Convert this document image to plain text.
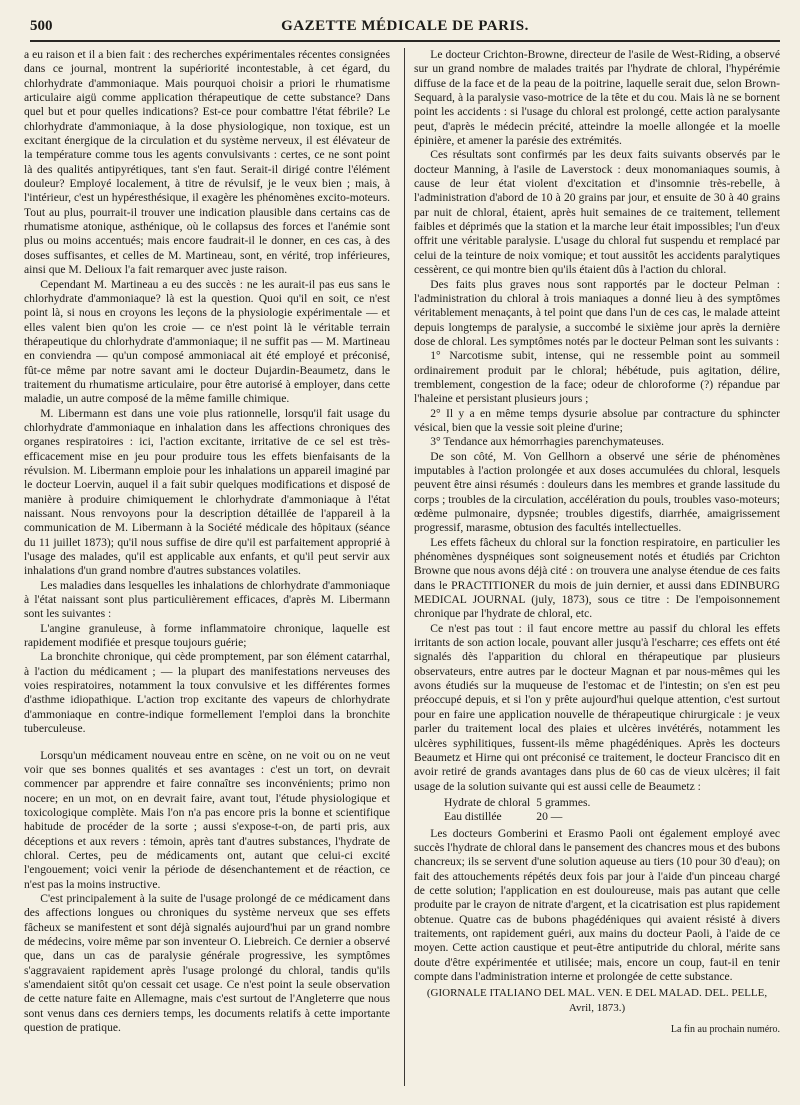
500	GAZETTE MÉDICALE DE PARIS.

a eu raison et il a bien fait : des recherches expérimentales récentes consignées dans ce journal, montrent la supériorité incontestable, à cet égard, du chlorhydrate d'ammoniaque. Mais pourquoi choisir a priori le rhumatisme articulaire aigü comme application thérapeutique de cette substance? Dans quel but et pour quelles indications? Est-ce pour combattre l'état fébrile? Le chlorhydrate d'ammoniaque, à la dose physiologique, non toxique, est un excitant énergique de la circulation et du système nerveux, il est élévateur de la température comme tous les agents convulsivants : certes, ce ne sont point là des qualités antipyrétiques, tant s'en faut. Serait-il dirigé contre l'élément douleur? Employé localement, à titre de révulsif, je le veux bien ; mais, à l'intérieur, c'est un hypéresthésique, il exagère les phénomènes excito-moteurs. Tout au plus, pourrait-il trouver une indication plausible dans certains cas de rhumatisme atonique, asthénique, où le collapsus des forces et l'anémie sont plus ou moins accentués; mais encore faudrait-il le donner, en ces cas, à des doses suffisantes, et celles de M. Martineau, sont, en vérité, trop inférieures, ainsi que M. Delioux l'a fait remarquer avec juste raison.

Cependant M. Martineau a eu des succès : ne les aurait-il pas eus sans le chlorhydrate d'ammoniaque? là est la question. Quoi qu'il en soit, ce n'est point là, si nous en croyons les leçons de la physiologie expérimentale — et elles valent bien qu'on les croie — ce n'est point là le véritable terrain thérapeutique du chlorhydrate d'ammoniaque; il ne suffit pas — M. Martineau en conviendra — qu'un composé ammoniacal ait été employé et préconisé, fût-ce même par notre savant ami le docteur Dujardin-Beaumetz, dans le traitement du rhumatisme articulaire, pour être autorisé à employer, dans cette maladie, un autre composé de la même famille chimique.

M. Libermann est dans une voie plus rationnelle, lorsqu'il fait usage du chlorhydrate d'ammoniaque en inhalation dans les affections chroniques des organes respiratoires : ici, l'action excitante, irritative de ce sel est très-efficacement mise en jeu pour produire tous les effets bienfaisants de la révulsion. M. Libermann emploie pour les inhalations un appareil imaginé par le docteur Loervin, auquel il a fait subir quelques modifications et disposé de manière à produire chimiquement le chlorhydrate d'ammoniaque à l'état naissant. Nous renvoyons pour la description détaillée de l'appareil à la communication de M. Libermann à la Société médicale des hôpitaux (séance du 11 juillet 1873); qu'il nous suffise de dire qu'il est parfaitement approprié à l'usage des malades, qu'il est applicable aux enfants, et qu'il peut servir aux inhalations d'un grand nombre d'autres substances volatiles.

Les maladies dans lesquelles les inhalations de chlorhydrate d'ammoniaque à l'état naissant sont plus particulièrement efficaces, d'après M. Libermann sont les suivantes :

L'angine granuleuse, à forme inflammatoire chronique, laquelle est rapidement modifiée et presque toujours guérie;

La bronchite chronique, qui cède promptement, par son élément catarrhal, à l'action du médicament ; — la plupart des manifestations nerveuses des voies respiratoires, notamment la toux convulsive et les différentes formes d'asthme idiopathique. L'action trop excitante des vapeurs de chlorhydrate d'ammoniaque en contre-indique formellement l'emploi dans la bronchite tuberculeuse.

Lorsqu'un médicament nouveau entre en scène, on ne voit ou on ne veut voir que ses bonnes qualités et ses avantages : c'est un tort, on devrait commencer par apprendre et faire connaître ses inconvénients; primo non nocere; en un mot, on en devrait faire, avant tout, l'étude physiologique et toxicologique complète. Mais l'on n'a pas encore pris la bonne et scientifique habitude de procéder de la sorte ; aussi s'expose-t-on, de parti pris, aux déceptions et aux revers : témoin, après tant d'autres substances, l'hydrate de chloral. Certes, peu de médicaments ont, autant que celui-ci excité l'engouement; voici venir la période de désenchantement et de réaction, ce n'est pas la moins instructive.

C'est principalement à la suite de l'usage prolongé de ce médicament dans des affections longues ou chroniques du système nerveux que ses effets fâcheux se manifestent et sont déjà signalés aujourd'hui par un grand nombre de médecins, voire même par son inventeur O. Liebreich. Ce dernier a observé que, dans un cas de paralysie générale progressive, les symptômes s'aggravaient rapidement après l'usage prolongé du chloral, tandis qu'ils s'amendaient sitôt qu'on cessait cet usage. Ce n'est point la seule observation de cette nature faite en Allemagne, mais c'est surtout de l'Angleterre que nous sont venus dans ces derniers temps, les documents relatifs à cette importante question de pratique.

Le docteur Crichton-Browne, directeur de l'asile de West-Riding, a observé sur un grand nombre de malades traités par l'hydrate de chloral, l'hypérémie diffuse de la face et de la peau de la poitrine, laquelle serait due, selon Brown-Sequard, à la paralysie vaso-motrice de la tête et du cou. Mais là ne se bornent point les accidents : si l'usage du chloral est prolongé, cette action paralysante peut, d'après le médecin précité, atteindre la moelle allongée et la moelle épinière, et amener la parésie des extrémités.

Ces résultats sont confirmés par les deux faits suivants observés par le docteur Manning, à l'asile de Laverstock : deux monomaniaques soumis, à cause de leur état violent d'excitation et d'insomnie très-rebelle, à l'administration d'abord de 10 à 20 grains par jour, et ensuite de 30 à 40 grains par nuit de chloral, étaient, après huit semaines de ce traitement, tellement faibles et déprimés que la station et la marche leur était impossibles; l'un d'eux offrit une véritable paralysie. L'usage du chloral fut suspendu et remplacé par celui de la teinture de noix vomique; et tout aussitôt les accidents paralytiques cessèrent, ce qui montre bien qu'ils étaient dûs à l'action du chloral.

Des faits plus graves nous sont rapportés par le docteur Pelman : l'administration du chloral à trois maniaques a donné lieu à des symptômes véritablement menaçants, à tel point que dans l'un de ces cas, le malade atteint depuis longtemps de paralysie, a succombé le sixième jour après la dernière dose de chloral. Les symptômes notés par le docteur Pelman sont les suivants :

1° Narcotisme subit, intense, qui ne ressemble point au sommeil ordinairement produit par le chloral; hébétude, puis agitation, délire, tremblement, congestion de la face; odeur de chloroforme (?) répandue par l'haleine et persistant plusieurs jours ;

2° Il y a en même temps dysurie absolue par contracture du sphincter vésical, bien que la vessie soit pleine d'urine;

3° Tendance aux hémorrhagies parenchymateuses.

De son côté, M. Von Gellhorn a observé une série de phénomènes imputables à l'action prolongée et aux doses accumulées du chloral, lesquels peuvent être ainsi résumés : douleurs dans les membres et grande lassitude du corps ; troubles de la circulation, accélération du pouls, troubles vaso-moteurs; œdème pulmonaire, dypsnée; troubles digestifs, diarrhée, amaigrissement progressif, marasme, obtusion des facultés intellectuelles.

Les effets fâcheux du chloral sur la fonction respiratoire, en particulier les phénomènes dyspnéiques sont soigneusement notés et étudiés par Crichton Browne que nous avons déjà cité : on trouvera une analyse étendue de ces faits dans le PRACTITIONER du mois de juin dernier, et aussi dans EDINBURG MEDICAL JOURNAL (july, 1873), sous ce titre : De l'empoisonnement chronique par l'hydrate de chloral, etc.

Ce n'est pas tout : il faut encore mettre au passif du chloral les effets irritants de son action locale, pouvant aller jusqu'à l'escharre; ces effets ont été signalés dès l'apparition du chloral en thérapeutique par plusieurs observateurs, entre autres par le docteur Magnan et par nous-mêmes qui les avons étudiés sur la muqueuse de l'estomac et de l'intestin; on s'en est peu préoccupé depuis, et si l'on y prête aujourd'hui quelque attention, c'est surtout pour en faire une application nouvelle de thérapeutique chirurgicale : je veux parler du traitement local des plaies et ulcères invétérés, notamment les ulcères syphilitiques, fussent-ils même phagédéniques. Après les docteurs Beaumetz et Hirne qui ont préconisé ce traitement, le docteur Francisco dit en avoir retiré de grands avantages dans plus de 60 cas de vieux ulcères; il fait usage de la solution suivante qui est aussi celle de Beaumetz :

Hydrate de chloral	5 grammes.
Eau distillée	20 —

Les docteurs Gomberini et Erasmo Paoli ont également employé avec succès l'hydrate de chloral dans le pansement des chancres mous et des bubons chancreux; ils se servent d'une solution aqueuse au tiers (10 pour 30 d'eau); on fait des attouchements répétés deux fois par jour à l'aide d'un pinceau chargé de cette solution; l'application en est douloureuse, mais pas autant que celle produite par le crayon de nitrate d'argent, et la cicatrisation est plus rapidement obtenue. Quatre cas de bubons phagédéniques qui avaient résisté à divers traitements, ont rapidement guéri, aux mains du docteur Paoli, à l'aide de ce moyen. Cette action caustique et peut-être antiputride du chloral, mérite sans doute d'être expérimentée et utilisée; mais, encore un coup, faut-il en tenir compte dans l'administration interne et prolongée de cette substance.

(GIORNALE ITALIANO DEL MAL. VEN. E DEL MALAD. DEL. PELLE,
Avril, 1873.)
La fin au prochain numéro.
